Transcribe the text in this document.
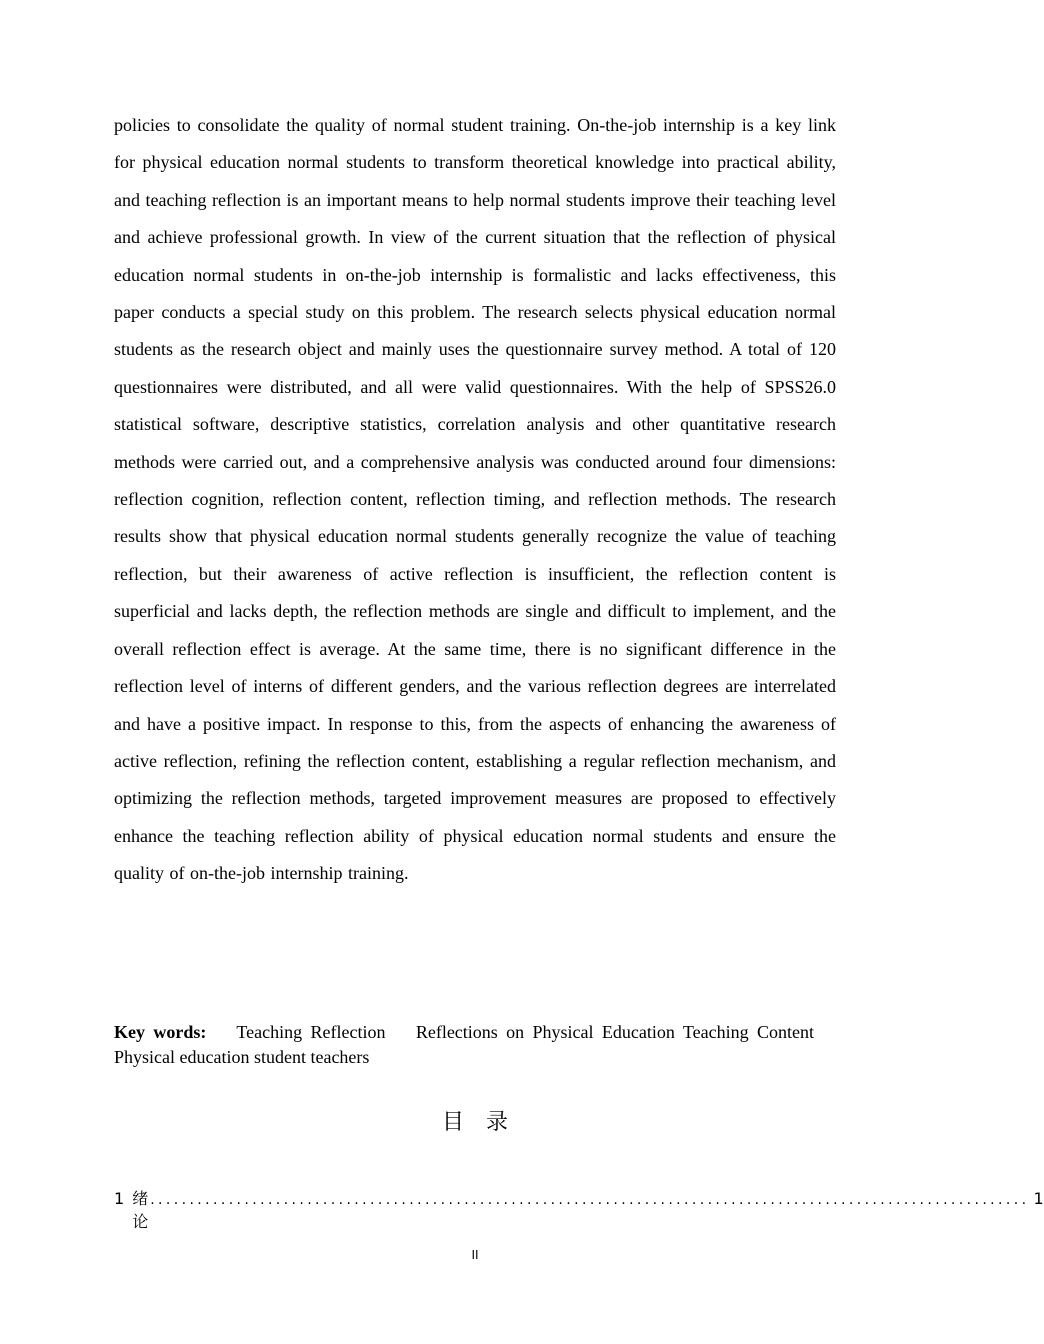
policies to consolidate the quality of normal student training. On-the-job internship is a key link for physical education normal students to transform theoretical knowledge into practical ability, and teaching reflection is an important means to help normal students improve their teaching level and achieve professional growth. In view of the current situation that the reflection of physical education normal students in on-the-job internship is formalistic and lacks effectiveness, this paper conducts a special study on this problem. The research selects physical education normal students as the research object and mainly uses the questionnaire survey method. A total of 120 questionnaires were distributed, and all were valid questionnaires. With the help of SPSS26.0 statistical software, descriptive statistics, correlation analysis and other quantitative research methods were carried out, and a comprehensive analysis was conducted around four dimensions: reflection cognition, reflection content, reflection timing, and reflection methods. The research results show that physical education normal students generally recognize the value of teaching reflection, but their awareness of active reflection is insufficient, the reflection content is superficial and lacks depth, the reflection methods are single and difficult to implement, and the overall reflection effect is average. At the same time, there is no significant difference in the reflection level of interns of different genders, and the various reflection degrees are interrelated and have a positive impact. In response to this, from the aspects of enhancing the awareness of active reflection, refining the reflection content, establishing a regular reflection mechanism, and optimizing the reflection methods, targeted improvement measures are proposed to effectively enhance the teaching reflection ability of physical education normal students and ensure the quality of on-the-job internship training.

Key words: Teaching Reflection Reflections on Physical Education Teaching Content Physical education student teachers
目录
1 绪论
................................................................................................................ 1
II
